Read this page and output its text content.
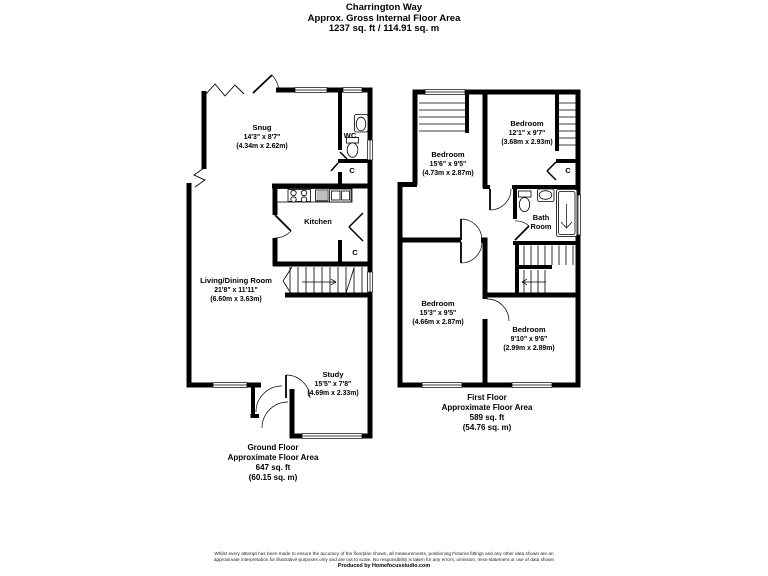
Charrington Way
Approx. Gross Internal Floor Area
1237 sq. ft / 114.91 sq. m
Snug
14'3" x 8'7"
(4.34m x 2.62m)
WC
C
Kitchen
C
Living/Dining Room
21'8" x 11'11"
(6.60m x 3.63m)
Study
15'5" x 7'8"
(4.69m x 2.33m)
Ground Floor
Approximate Floor Area
647 sq. ft
(60.15 sq. m)
Bedroom
15'6" x 9'5"
(4.73m x 2.87m)
Bedroom
12'1" x 9'7"
(3.68m x 2.93m)
C
Bath Room
Bedroom
15'3" x 9'5"
(4.66m x 2.87m)
Bedroom
9'10" x 9'6"
(2.99m x 2.89m)
First Floor
Approximate Floor Area
589 sq. ft
(54.76 sq. m)
Whilst every attempt has been made to ensure the accuracy of the floorplan shown, all measurements, positioning Fixtures fittings and any other data shown are an
approximate interpretation for illustrative purposes only and are not to scale. No responsibility is taken for any errors, omission, miss-statement or use of data shown
Produced by Homefocusstudio.com
